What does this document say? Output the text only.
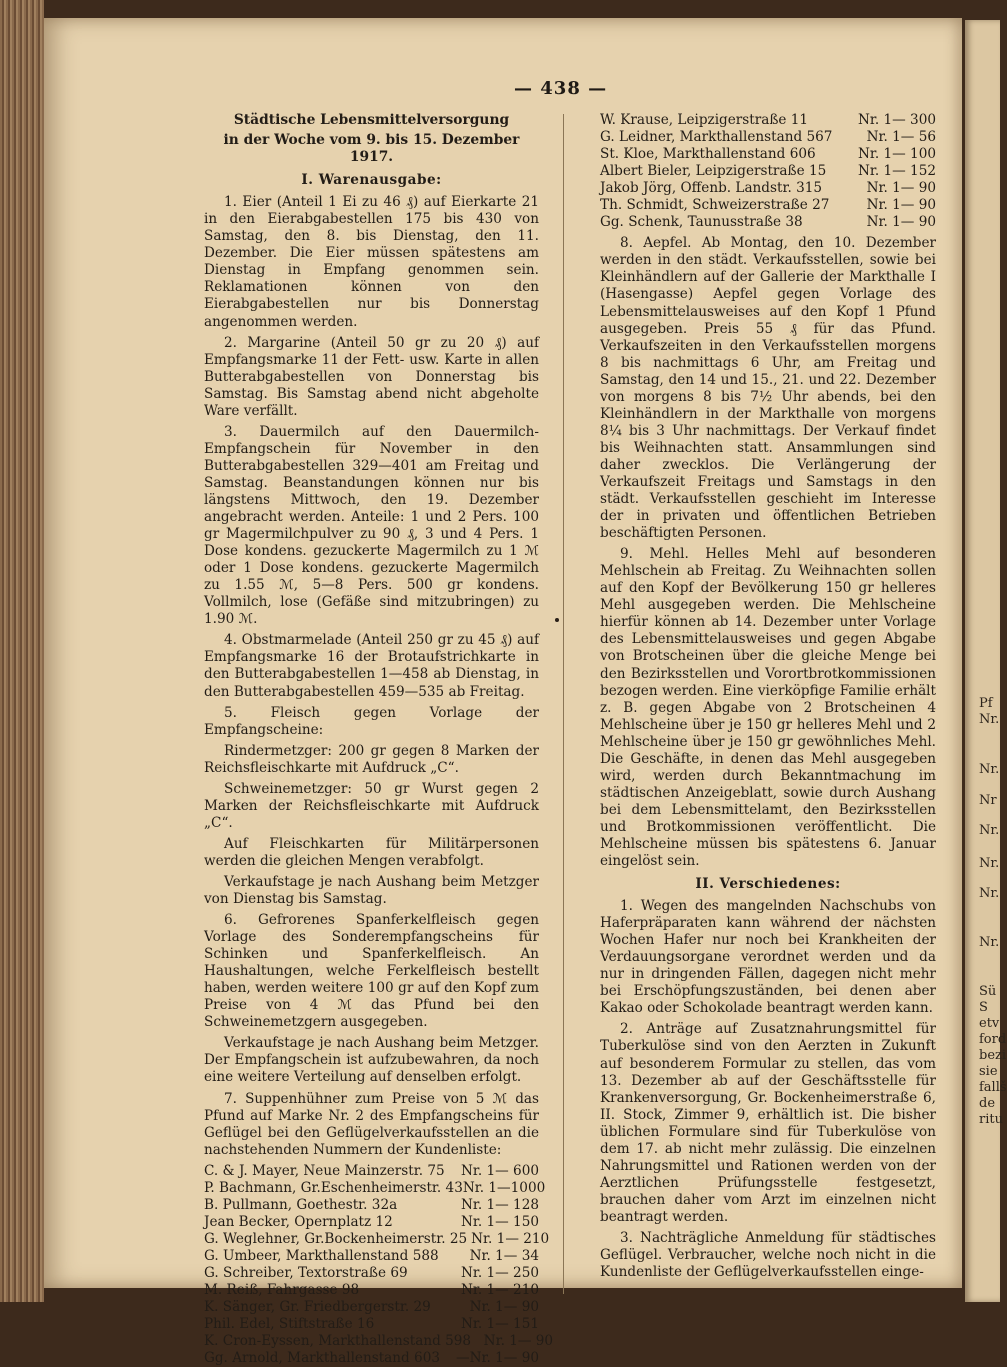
— 438 —
Städtische Lebensmittelversorgung
in der Woche vom 9. bis 15. Dezember 1917.
I. Warenausgabe:

1. Eier (Anteil 1 Ei zu 46 ₰) auf Eierkarte 21 in den Eierabgabestellen 175 bis 430 von Samstag, den 8. bis Dienstag, den 11. Dezember. Die Eier müssen spätestens am Dienstag in Empfang genommen sein. Reklamationen können von den Eierabgabestellen nur bis Donnerstag angenommen werden.

2. Margarine (Anteil 50 gr zu 20 ₰) auf Empfangsmarke 11 der Fett- usw. Karte in allen Butterabgabestellen von Donnerstag bis Samstag. Bis Samstag abend nicht abgeholte Ware verfällt.

3. Dauermilch auf den Dauermilch-Empfangschein für November in den Butterabgabestellen 329—401 am Freitag und Samstag. Beanstandungen können nur bis längstens Mittwoch, den 19. Dezember angebracht werden. Anteile: 1 und 2 Pers. 100 gr Magermilchpulver zu 90 ₰, 3 und 4 Pers. 1 Dose kondens. gezuckerte Magermilch zu 1 ℳ oder 1 Dose kondens. gezuckerte Magermilch zu 1.55 ℳ, 5—8 Pers. 500 gr kondens. Vollmilch, lose (Gefäße sind mitzubringen) zu 1.90 ℳ.

4. Obstmarmelade (Anteil 250 gr zu 45 ₰) auf Empfangsmarke 16 der Brotaufstrichkarte in den Butterabgabestellen 1—458 ab Dienstag, in den Butterabgabestellen 459—535 ab Freitag.

5. Fleisch gegen Vorlage der Empfangscheine:

Rindermetzger: 200 gr gegen 8 Marken der Reichsfleischkarte mit Aufdruck „C“.

Schweinemetzger: 50 gr Wurst gegen 2 Marken der Reichsfleischkarte mit Aufdruck „C“.

Auf Fleischkarten für Militärpersonen werden die gleichen Mengen verabfolgt.

Verkaufstage je nach Aushang beim Metzger von Dienstag bis Samstag.

6. Gefrorenes Spanferkelfleisch gegen Vorlage des Sonderempfangscheins für Schinken und Spanferkelfleisch. An Haushaltungen, welche Ferkelfleisch bestellt haben, werden weitere 100 gr auf den Kopf zum Preise von 4 ℳ das Pfund bei den Schweinemetzgern ausgegeben.

Verkaufstage je nach Aushang beim Metzger. Der Empfangschein ist aufzubewahren, da noch eine weitere Verteilung auf denselben erfolgt.

7. Suppenhühner zum Preise von 5 ℳ das Pfund auf Marke Nr. 2 des Empfangscheins für Geflügel bei den Geflügelverkaufsstellen an die nachstehenden Nummern der Kundenliste:

C. & J. Mayer, Neue Mainzerstr. 75 Nr. 1— 600
P. Bachmann, Gr.Eschenheimerstr. 43 Nr. 1—1000
B. Pullmann, Goethestr. 32a	Nr. 1— 128
Jean Becker, Opernplatz 12	Nr. 1— 150
G. Weglehner, Gr.Bockenheimerstr. 25 Nr. 1— 210
G. Umbeer, Markthallenstand 588	Nr. 1— 34
G. Schreiber, Textorstraße 69	Nr. 1— 250
M. Reiß, Fahrgasse 98	Nr. 1— 210
K. Sänger, Gr. Friedbergerstr. 29	Nr. 1— 90
Phil. Edel, Stiftstraße 16	Nr. 1— 151
K. Cron-Eyssen, Markthallenstand 598 Nr. 1— 90
Gg. Arnold, Markthallenstand 603 —Nr. 1— 90
W. Krause, Leipzigerstraße 11	Nr. 1— 300
G. Leidner, Markthallenstand 567	Nr. 1— 56
St. Kloe, Markthallenstand 606	Nr. 1— 100
Albert Bieler, Leipzigerstraße 15 Nr. 1— 152
Jakob Jörg, Offenb. Landstr. 315	Nr. 1— 90
Th. Schmidt, Schweizerstraße 27	Nr. 1— 90
Gg. Schenk, Taunusstraße 38	Nr. 1— 90

8. Aepfel. Ab Montag, den 10. Dezember werden in den städt. Verkaufsstellen, sowie bei Kleinhändlern auf der Gallerie der Markthalle I (Hasengasse) Aepfel gegen Vorlage des Lebensmittelausweises auf den Kopf 1 Pfund ausgegeben. Preis 55 ₰ für das Pfund. Verkaufszeiten in den Verkaufsstellen morgens 8 bis nachmittags 6 Uhr, am Freitag und Samstag, den 14 und 15., 21. und 22. Dezember von morgens 8 bis 7½ Uhr abends, bei den Kleinhändlern in der Markthalle von morgens 8¼ bis 3 Uhr nachmittags. Der Verkauf findet bis Weihnachten statt. Ansammlungen sind daher zwecklos. Die Verlängerung der Verkaufszeit Freitags und Samstags in den städt. Verkaufsstellen geschieht im Interesse der in privaten und öffentlichen Betrieben beschäftigten Personen.

9. Mehl. Helles Mehl auf besonderen Mehlschein ab Freitag. Zu Weihnachten sollen auf den Kopf der Bevölkerung 150 gr helleres Mehl ausgegeben werden. Die Mehlscheine hierfür können ab 14. Dezember unter Vorlage des Lebensmittelausweises und gegen Abgabe von Brotscheinen über die gleiche Menge bei den Bezirksstellen und Vorortbrotkommissionen bezogen werden. Eine vierköpfige Familie erhält z. B. gegen Abgabe von 2 Brotscheinen 4 Mehlscheine über je 150 gr helleres Mehl und 2 Mehlscheine über je 150 gr gewöhnliches Mehl. Die Geschäfte, in denen das Mehl ausgegeben wird, werden durch Bekanntmachung im städtischen Anzeigeblatt, sowie durch Aushang bei dem Lebensmittelamt, den Bezirksstellen und Brotkommissionen veröffentlicht. Die Mehlscheine müssen bis spätestens 6. Januar eingelöst sein.

II. Verschiedenes:

1. Wegen des mangelnden Nachschubs von Haferpräparaten kann während der nächsten Wochen Hafer nur noch bei Krankheiten der Verdauungsorgane verordnet werden und da nur in dringenden Fällen, dagegen nicht mehr bei Erschöpfungszuständen, bei denen aber Kakao oder Schokolade beantragt werden kann.

2. Anträge auf Zusatznahrungsmittel für Tuberkulöse sind von den Aerzten in Zukunft auf besonderem Formular zu stellen, das vom 13. Dezember ab auf der Geschäftsstelle für Krankenversorgung, Gr. Bockenheimerstraße 6, II. Stock, Zimmer 9, erhältlich ist. Die bisher üblichen Formulare sind für Tuberkulöse von dem 17. ab nicht mehr zulässig. Die einzelnen Nahrungsmittel und Rationen werden von der Aerztlichen Prüfungsstelle festgesetzt, brauchen daher vom Arzt im einzelnen nicht beantragt werden.

3. Nachträgliche Anmeldung für städtisches Geflügel. Verbraucher, welche noch nicht in die Kundenliste der Geflügelverkaufsstellen einge-

Pf
Nr.
Nr.
Nr
Nr.
Nr.
Nr.
Nr.
Sü
S
etv
ford
bezi
sie
fallš
de
ritu
